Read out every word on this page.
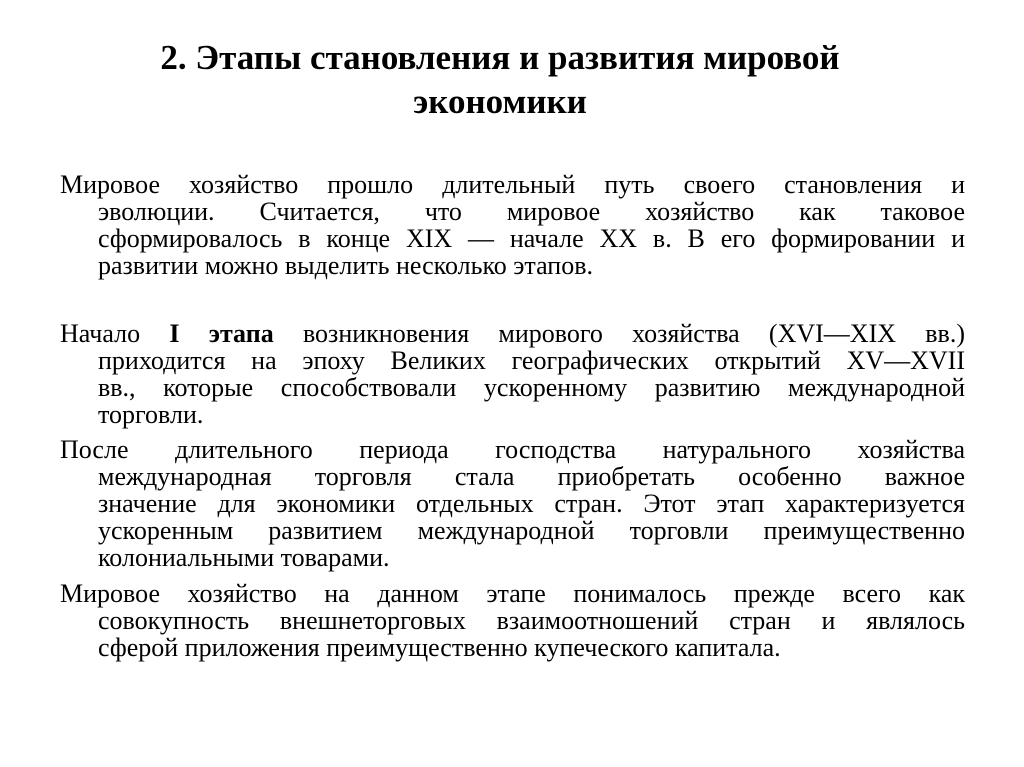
2. Этапы становления и развития мировой
экономики
Мировое хозяйство прошло длительный путь своего становления и
эволюции. Считается, что мировое хозяйство как таковое
сформировалось в конце XIX — начале XX в. В его формировании и
развитии можно выделить несколько этапов.
Начало I этапа возникновения мирового хозяйства (XVI—XIX вв.)
приходится на эпоху Великих географических открытий XV—XVII
вв., которые способствовали ускоренному развитию международной
торговли.
После длительного периода господства натурального хозяйства
международная торговля стала приобретать особенно важное
значение для экономики отдельных стран. Этот этап характеризуется
ускоренным развитием международной торговли преимущественно
колониальными товарами.
Мировое хозяйство на данном этапе понималось прежде всего как
совокупность внешнеторговых взаимоотношений стран и являлось
сферой приложения преимущественно купеческого капитала.
